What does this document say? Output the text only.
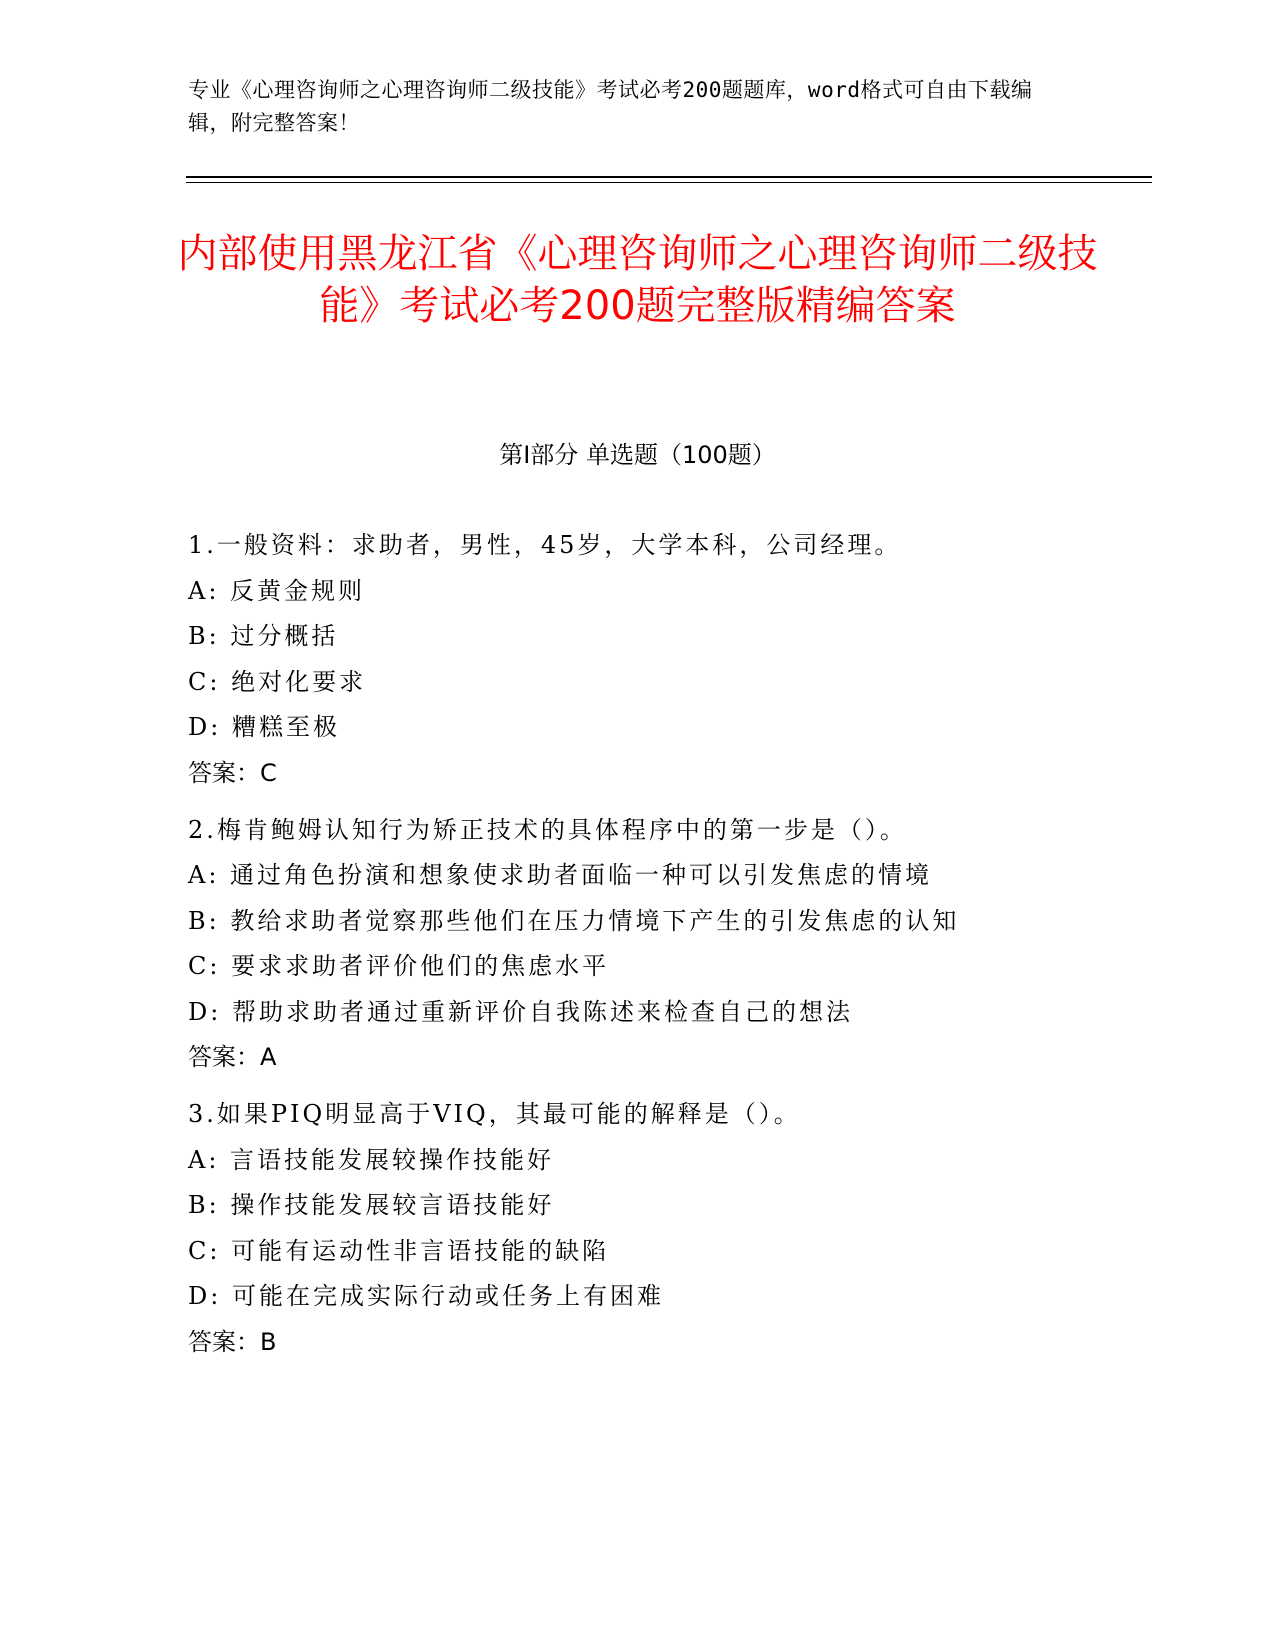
专业《心理咨询师之心理咨询师二级技能》考试必考200题题库，word格式可自由下载编辑，附完整答案！
内部使用黑龙江省《心理咨询师之心理咨询师二级技能》考试必考200题完整版精编答案
第Ⅰ部分 单选题（100题）
1.一般资料：求助者，男性，45岁，大学本科，公司经理。
A: 反黄金规则
B: 过分概括
C: 绝对化要求
D: 糟糕至极
答案：C
2.梅肯鲍姆认知行为矫正技术的具体程序中的第一步是（）。
A: 通过角色扮演和想象使求助者面临一种可以引发焦虑的情境
B: 教给求助者觉察那些他们在压力情境下产生的引发焦虑的认知
C: 要求求助者评价他们的焦虑水平
D: 帮助求助者通过重新评价自我陈述来检查自己的想法
答案：A
3.如果PIQ明显高于VIQ，其最可能的解释是（）。
A: 言语技能发展较操作技能好
B: 操作技能发展较言语技能好
C: 可能有运动性非言语技能的缺陷
D: 可能在完成实际行动或任务上有困难
答案：B
